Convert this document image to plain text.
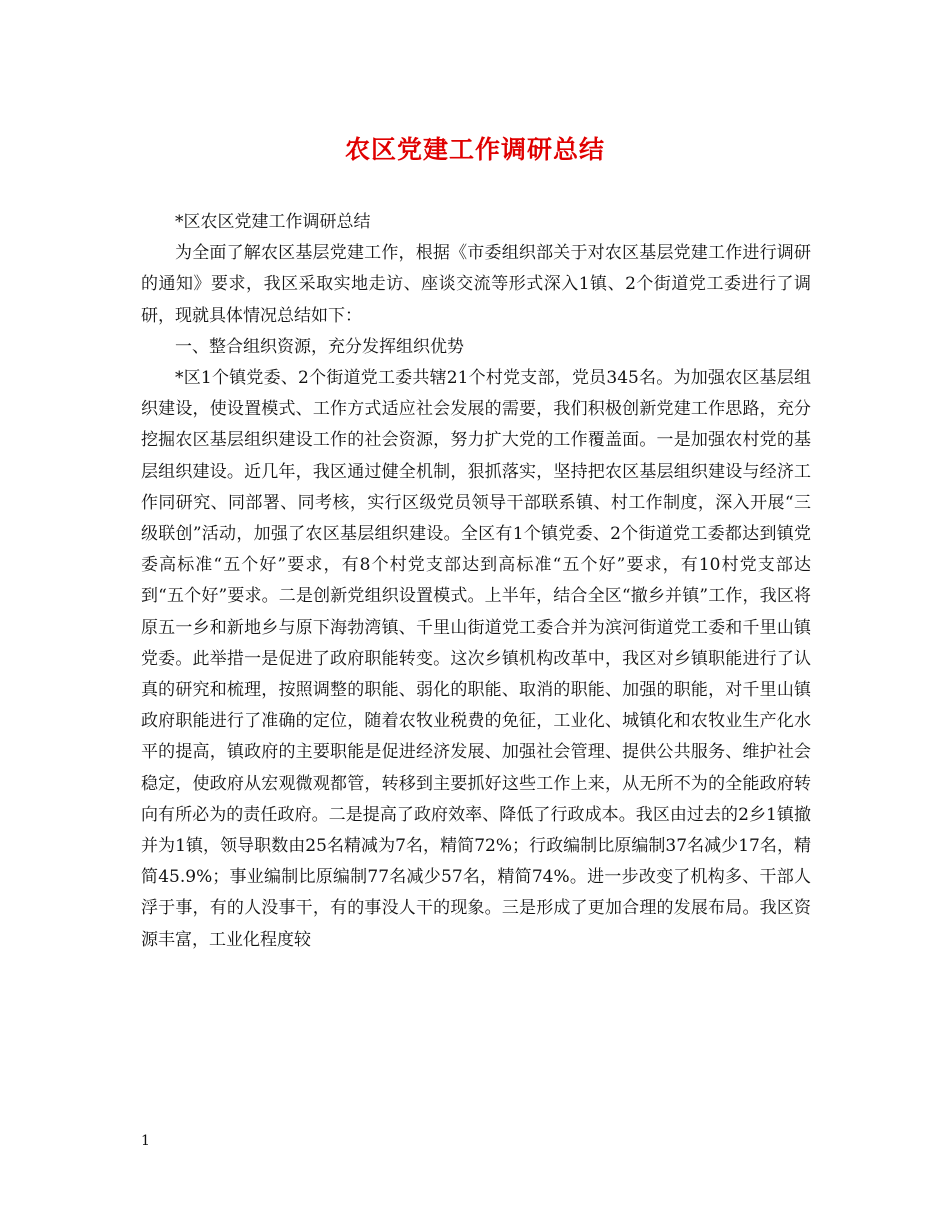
农区党建工作调研总结

*区农区党建工作调研总结

为全面了解农区基层党建工作，根据《市委组织部关于对农区基层党建工作进行调研的通知》要求，我区采取实地走访、座谈交流等形式深入1镇、2个街道党工委进行了调研，现就具体情况总结如下：

一、整合组织资源，充分发挥组织优势

*区1个镇党委、2个街道党工委共辖21个村党支部，党员345名。为加强农区基层组织建设，使设置模式、工作方式适应社会发展的需要，我们积极创新党建工作思路，充分挖掘农区基层组织建设工作的社会资源，努力扩大党的工作覆盖面。一是加强农村党的基层组织建设。近几年，我区通过健全机制，狠抓落实，坚持把农区基层组织建设与经济工作同研究、同部署、同考核，实行区级党员领导干部联系镇、村工作制度，深入开展“三级联创”活动，加强了农区基层组织建设。全区有1个镇党委、2个街道党工委都达到镇党委高标准“五个好”要求，有8个村党支部达到高标准“五个好”要求，有10村党支部达到“五个好”要求。二是创新党组织设置模式。上半年，结合全区“撤乡并镇”工作，我区将原五一乡和新地乡与原下海勃湾镇、千里山街道党工委合并为滨河街道党工委和千里山镇党委。此举措一是促进了政府职能转变。这次乡镇机构改革中，我区对乡镇职能进行了认真的研究和梳理，按照调整的职能、弱化的职能、取消的职能、加强的职能，对千里山镇政府职能进行了准确的定位，随着农牧业税费的免征，工业化、城镇化和农牧业生产化水平的提高，镇政府的主要职能是促进经济发展、加强社会管理、提供公共服务、维护社会稳定，使政府从宏观微观都管，转移到主要抓好这些工作上来，从无所不为的全能政府转向有所必为的责任政府。二是提高了政府效率、降低了行政成本。我区由过去的2乡1镇撤并为1镇，领导职数由25名精减为7名，精简72%；行政编制比原编制37名减少17名，精简45.9%；事业编制比原编制77名减少57名，精简74%。进一步改变了机构多、干部人浮于事，有的人没事干，有的事没人干的现象。三是形成了更加合理的发展布局。我区资源丰富，工业化程度较

1
